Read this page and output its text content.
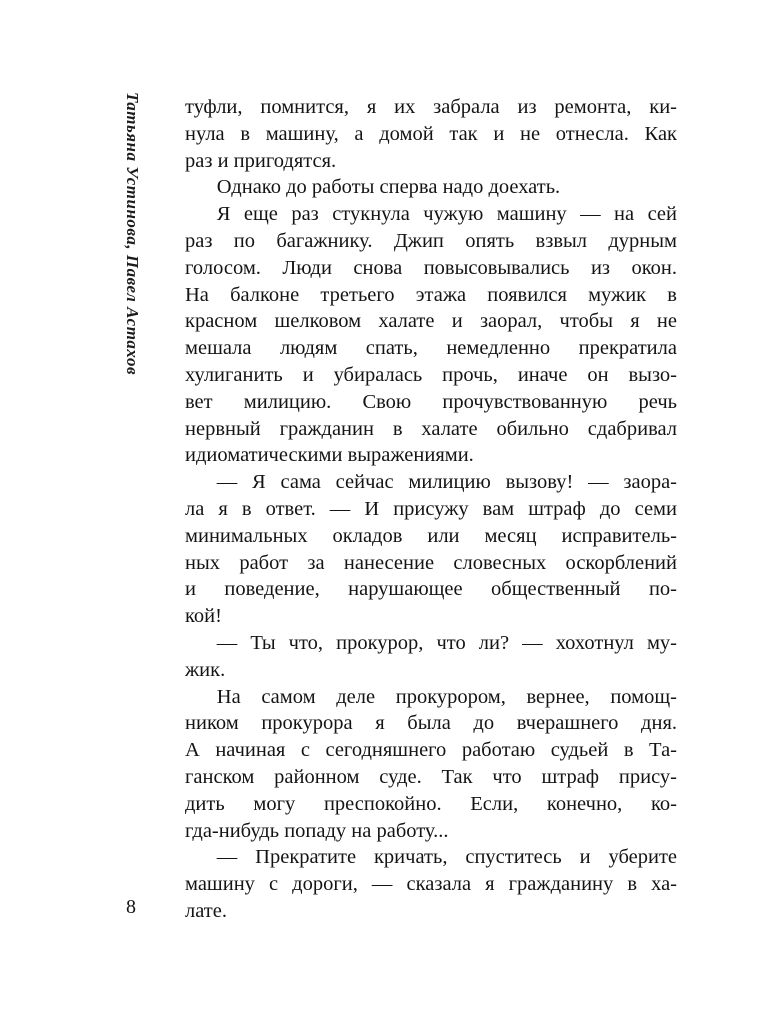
Татьяна Устинова, Павел Астахов
8
туфли, помнится, я их забрала из ремонта, ки-
нула в машину, а домой так и не отнесла. Как
раз и пригодятся.
Однако до работы сперва надо доехать.
Я еще раз стукнула чужую машину — на сей
раз по багажнику. Джип опять взвыл дурным
голосом. Люди снова повысовывались из окон.
На балконе третьего этажа появился мужик в
красном шелковом халате и заорал, чтобы я не
мешала людям спать, немедленно прекратила
хулиганить и убиралась прочь, иначе он вызо-
вет милицию. Свою прочувствованную речь
нервный гражданин в халате обильно сдабривал
идиоматическими выражениями.
— Я сама сейчас милицию вызову! — заора-
ла я в ответ. — И присужу вам штраф до семи
минимальных окладов или месяц исправитель-
ных работ за нанесение словесных оскорблений
и поведение, нарушающее общественный по-
кой!
— Ты что, прокурор, что ли? — хохотнул му-
жик.
На самом деле прокурором, вернее, помощ-
ником прокурора я была до вчерашнего дня.
А начиная с сегодняшнего работаю судьей в Та-
ганском районном суде. Так что штраф прису-
дить могу преспокойно. Если, конечно, ко-
гда-нибудь попаду на работу...
— Прекратите кричать, спуститесь и уберите
машину с дороги, — сказала я гражданину в ха-
лате.
